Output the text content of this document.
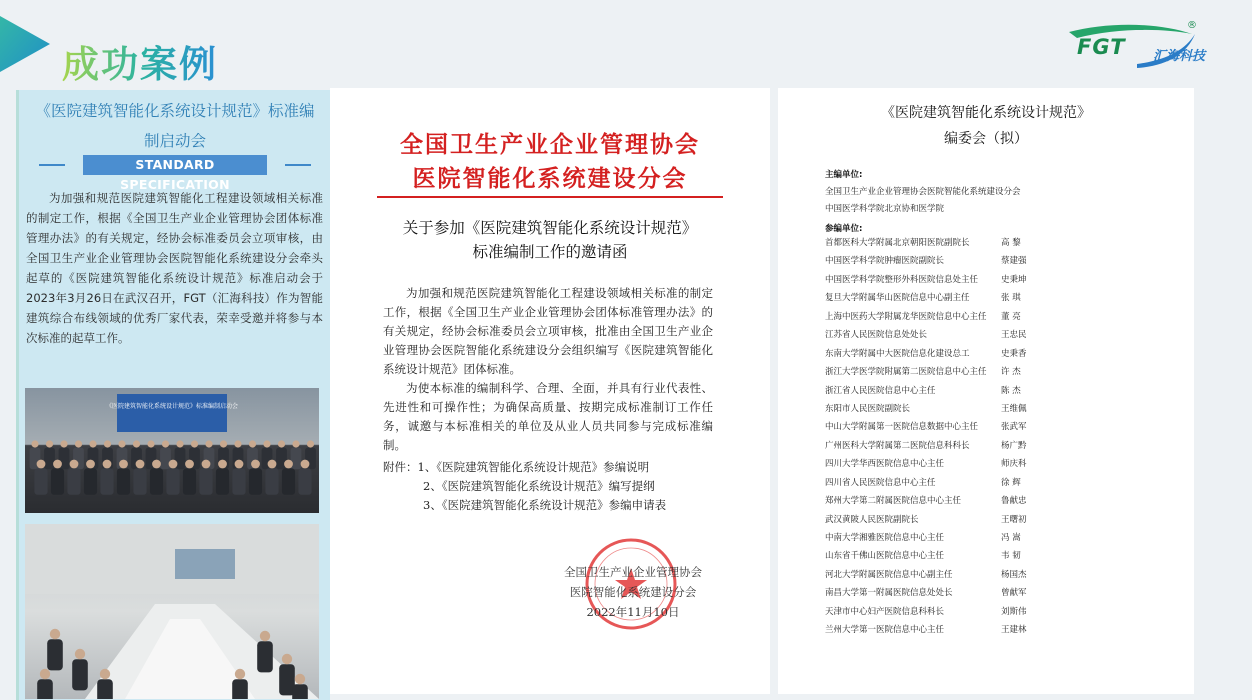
成功案例	FGT 汇海科技
®
《医院建筑智能化系统设计规范》标准编制启动会
STANDARD SPECIFICATION

为加强和规范医院建筑智能化工程建设领域相关标准的制定工作，根据《全国卫生产业企业管理协会团体标准管理办法》的有关规定，经协会标准委员会立项审核，由全国卫生产业企业管理协会医院智能化系统建设分会牵头起草的《医院建筑智能化系统设计规范》标准启动会于2023年3月26日在武汉召开，FGT（汇海科技）作为智能建筑综合布线领域的优秀厂家代表，荣幸受邀并将参与本次标准的起草工作。

《医院建筑智能化系统设计规范》标准编制启动会
全国卫生产业企业管理协会
医院智能化系统建设分会
关于参加《医院建筑智能化系统设计规范》
标准编制工作的邀请函

为加强和规范医院建筑智能化工程建设领域相关标准的制定工作，根据《全国卫生产业企业管理协会团体标准管理办法》的有关规定，经协会标准委员会立项审核，批准由全国卫生产业企业管理协会医院智能化系统建设分会组织编写《医院建筑智能化系统设计规范》团体标准。

为使本标准的编制科学、合理、全面，并具有行业代表性、先进性和可操作性；为确保高质量、按期完成标准制订工作任务，诚邀与本标准相关的单位及从业人员共同参与完成标准编制。

附件：1、《医院建筑智能化系统设计规范》参编说明
2、《医院建筑智能化系统设计规范》编写提纲
3、《医院建筑智能化系统设计规范》参编申请表
全国卫生产业企业管理协会
医院智能化系统建设分会
2022年11月10日
《医院建筑智能化系统设计规范》
编委会（拟）
主编单位:
全国卫生产业企业管理协会医院智能化系统建设分会
中国医学科学院北京协和医学院
参编单位:
首都医科大学附属北京朝阳医院副院长	高 黎
中国医学科学院肿瘤医院副院长	蔡建强
中国医学科学院整形外科医院信息处主任	史秉坤
复旦大学附属华山医院信息中心副主任	张 琪
上海中医药大学附属龙华医院信息中心主任 董 亮
江苏省人民医院信息处处长	王忠民
东南大学附属中大医院信息化建设总工	史秉香
浙江大学医学院附属第二医院信息中心主任 许 杰
浙江省人民医院信息中心主任	陈 杰
东阳市人民医院副院长	王维佩
中山大学附属第一医院信息数据中心主任	张武军
广州医科大学附属第二医院信息科科长	杨广黔
四川大学华西医院信息中心主任	师庆科
四川省人民医院信息中心主任	徐 辉
郑州大学第二附属医院信息中心主任	鲁献忠
武汉黄陂人民医院副院长	王曙初
中南大学湘雅医院信息中心主任	冯 嵩
山东省千佛山医院信息中心主任	韦 韧
河北大学附属医院信息中心副主任	杨国杰
南昌大学第一附属医院信息处处长	曾献军
天津市中心妇产医院信息科科长	刘斯伟
兰州大学第一医院信息中心主任	王建林
